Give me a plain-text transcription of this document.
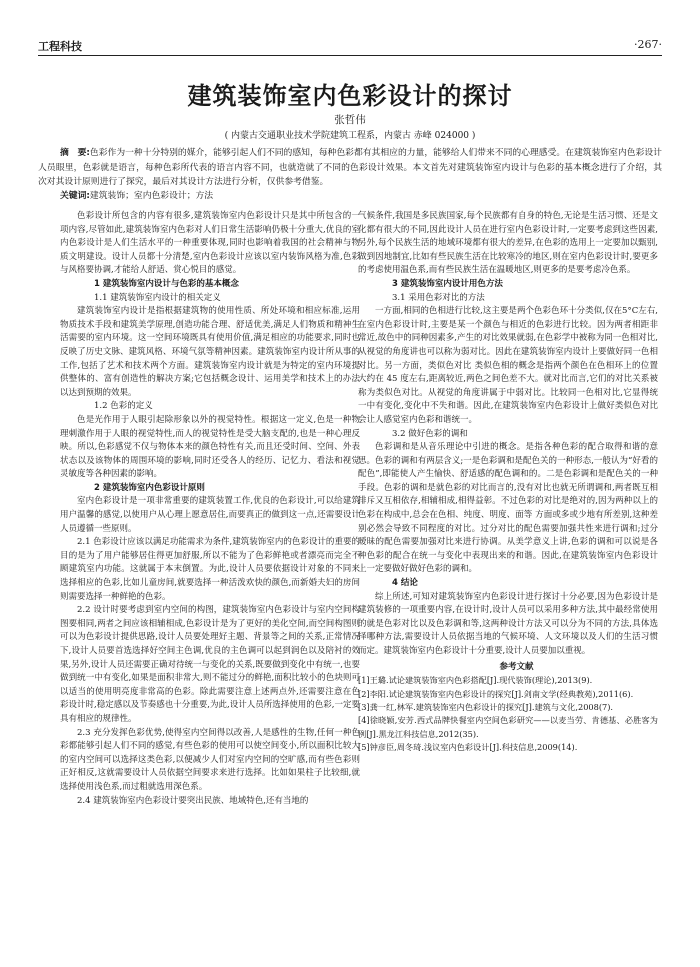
工程科技	·267·
建筑装饰室内色彩设计的探讨
张哲伟
( 内蒙古交通职业技术学院建筑工程系，内蒙古 赤峰 024000 )
摘　要:色彩作为一种十分特别的媒介，能够引起人们不同的感知，每种色彩都有其相应的力量，能够给人们带来不同的心理感受。在建筑装饰室内色彩设计人员眼里，色彩就是语言，每种色彩所代表的语言内容不同，也就造就了不同的色彩设计效果。本文首先对建筑装饰室内设计与色彩的基本概念进行了介绍，其次对其设计原则进行了探究，最后对其设计方法进行分析，仅供参考借鉴。
关键词:建筑装饰；室内色彩设计；方法

色彩设计所包含的内容有很多,建筑装饰室内色彩设计只是其中所包含的一项内容,尽管如此,建筑装饰室内色彩对人们日常生活影响仍极十分重大,优良的室内色彩设计是人们生活水平的一种重要体现,同时也影响着我国的社会精神与物质文明建设。设计人员都十分清楚,室内色彩设计应该以室内装饰风格为准,色彩与风格要协调,才能给人舒适、赏心悦目的感觉。

1 建筑装饰室内设计与色彩的基本概念

1.1 建筑装饰室内设计的相关定义

建筑装饰室内设计是指根据建筑物的使用性质、所处环境和相应标准,运用物质技术手段和建筑美学原理,创造功能合理、舒适优美,满足人们物质和精神生活需要的室内环境。这一空间环境既具有使用价值,满足相应的功能要求,同时也反映了历史文脉、建筑风格、环境气氛等精神因素。建筑装饰室内设计所从事的工作,包括了艺术和技术两个方面。建筑装饰室内设计就是为特定的室内环境提供整体的、富有创造性的解决方案;它包括概念设计、运用美学和技术上的办法以达到预期的效果。

1.2 色彩的定义

色是光作用于人眼引起除形象以外的视觉特性。根据这一定义,色是一种物理刺激作用于人眼的视觉特性,而人的视觉特性是受大脑支配的,也是一种心理反映。所以,色彩感觉不仅与物体本来的颜色特性有关,而且还受时间、空间、外表状态以及该物体的周围环境的影响,同时还受各人的经历、记忆力、看法和视觉灵敏度等各种因素的影响。

2 建筑装饰室内色彩设计原则

室内色彩设计是一项非常重要的建筑装置工作,优良的色彩设计,可以给建筑用户温馨的感觉,以使用户从心理上愿意居住,而要真正的做到这一点,还需要设计人员遵循一些原则。

2.1 色彩设计应该以满足功能需求为条件,建筑装饰室内的色彩设计的重要的目的是为了用户能够居住得更加舒服,所以不能为了色彩鲜艳或者漂亮而完全不顾建筑室内功能。这就属于本末倒置。为此,设计人员要依据设计对象的不同来选择相应的色彩,比如儿童房间,就要选择一种活泼欢快的颜色,而新婚夫妇的房间则需要选择一种鲜艳的色彩。

2.2 设计时要考虑到室内空间的构图，建筑装饰室内色彩设计与室内空间构图要相同,两者之间应该相辅相成,色彩设计是为了更好的美化空间,而空间构图则可以为色彩设计提供思路,设计人员要处理好主题、背景等之间的关系,正常情况下,设计人员要首选选择好空间主色调,优良的主色调可以起到润色以及陪衬的效果,另外,设计人员还需要正确对待统一与变化的关系,既要做到变化中有统一,也要做到统一中有变化,如果是面积非常大,则不能过分的鲜艳,面积比较小的色块则可以适当的使用明亮度非常高的色彩。除此需要注意上述两点外,还需要注意在色彩设计时,稳定感以及节奏感也十分重要,为此,设计人员所选择使用的色彩,一定要具有相应的规律性。

2.3 充分发挥色彩优势,使得室内空间得以改善,人是感性的生物,任何一种色彩都能够引起人们不同的感觉,有些色彩的使用可以使空间变小,所以面积比较大的室内空间可以选择这类色彩,以便减少人们对室内空间的空旷感,而有些色彩则正好相反,这就需要设计人员依据空间要求来进行选择。比如如果柱子比较细,就选择使用浅色系,而过粗就选用深色系。

2.4 建筑装饰室内色彩设计要突出民族、地域特色,还有当地的

气候条件,我国是多民族国家,每个民族都有自身的特色,无论是生活习惯、还是文化都有很大的不同,因此设计人员在进行室内色彩设计时,一定要考虑到这些因素,另外,每个民族生活的地域环境都有很大的差异,在色彩的选用上一定要加以甄别,做到因地制宜,比如有些民族生活在比较寒冷的地区,则在室内色彩设计时,要更多的考虑使用温色系,而有些民族生活在温暖地区,则更多的是要考虑冷色系。

3 建筑装饰室内设计用色方法

3.1 采用色彩对比的方法

一方面,相同的色相进行比较,这主要是两个色彩色环十分类似,仅在5°C左右,在室内色彩设计时,主要是某一个颜色与相近的色彩进行比较。因为两者相距非常近,故色中的同种因素多,产生的对比效果就弱,在色彩学中被称为同一色相对比,从视觉的角度讲也可以称为弱对比。因此在建筑装饰室内设计上要做好同一色相对比。另一方面，类似色对比 类似色相的概念是指两个颜色在色相环上的位置大约在 45 度左右,距离较近,两色之间色差不大。就对比而言,它们的对比关系被称为类似色对比。从视觉的角度讲属于中弱对比。比较同一色相对比,它显得统一中有变化,变化中不失和谐。因此,在建筑装饰室内色彩设计上做好类似色对比会让人感觉室内色彩和谐统一。

3.2 做好色彩的调和

色彩调和是从音乐理论中引进的概念。是指各种色彩的配合取得和谐的意思。色彩的调和有两层含义;一是色彩调和是配色关的一种形态,一般认为“好看的配色”,即能使人产生愉快、舒适感的配色调和的。二是色彩调和是配色关的一种手段。色彩的调和是就色彩的对比而言的,没有对比也就无所谓调和,两者既互相排斥又互相依存,相辅相成,相得益彰。不过色彩的对比是绝对的,因为两种以上的色彩在构成中,总会在色相、纯度、明度、面等 方面或多或少地有所差别,这种差别必然会导致不同程度的对比。过分对比的配色需要加强共性来进行调和;过分暧昧的配色需要加强对比来进行协调。从美学意义上讲,色彩的调和可以说是各种色彩的配合在统一与变化中表现出来的和谐。因此,在建筑装饰室内色彩设计上一定要做好做好色彩的调和。

4 结论

综上所述,可知对建筑装饰室内色彩设计进行探讨十分必要,因为色彩设计是建筑装修的一项重要内容,在设计时,设计人员可以采用多种方法,其中最经常使用的就是色彩对比以及色彩调和等,这两种设计方法又可以分为不同的方法,具体选择哪种方法,需要设计人员依据当地的气候环境、人文环境以及人们的生活习惯而定。建筑装饰室内色彩设计十分重要,设计人员要加以重视。

参考文献

[1]王璐.试论建筑装饰室内色彩搭配[J].现代装饰(理论),2013(9).

[2]李阳.试论建筑装饰室内色彩设计的探究[J].剑南文学(经典教苑),2011(6).

[3]龚一红,林军.建筑装饰室内色彩设计的探究[J].建筑与文化,2008(7).

[4]徐晓颖,安芳.西式品牌快餐室内空间色彩研究——以麦当劳、肯德基、必胜客为例[J].黑龙江科技信息,2012(35).

[5]钟彦臣,周冬琦.浅议室内色彩设计[J].科技信息,2009(14).
